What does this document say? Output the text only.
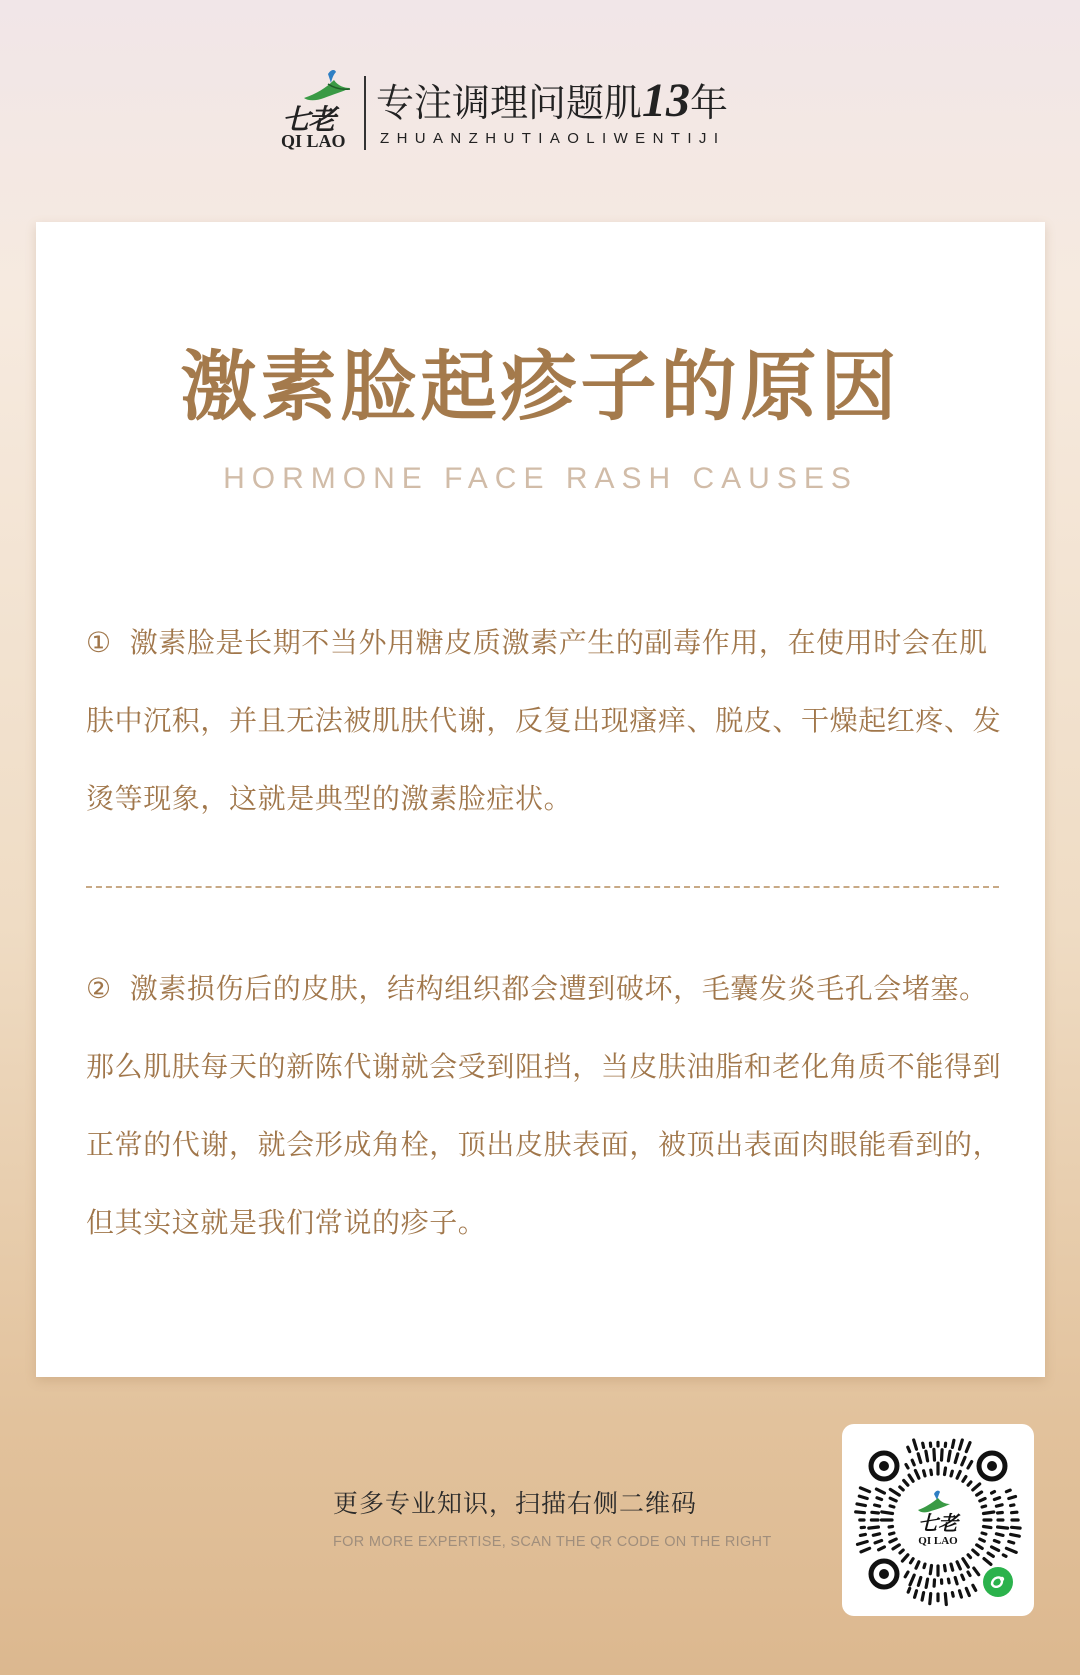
七老
QI LAO
专注调理问题肌13年
ZHUANZHUTIAOLIWENTIJI
激素脸起疹子的原因
HORMONE FACE RASH CAUSES

① 激素脸是长期不当外用糖皮质激素产生的副毒作用，在使用时会在肌肤中沉积，并且无法被肌肤代谢，反复出现瘙痒、脱皮、干燥起红疼、发烫等现象，这就是典型的激素脸症状。

② 激素损伤后的皮肤，结构组织都会遭到破坏，毛囊发炎毛孔会堵塞。那么肌肤每天的新陈代谢就会受到阻挡，当皮肤油脂和老化角质不能得到正常的代谢，就会形成角栓，顶出皮肤表面，被顶出表面肉眼能看到的，但其实这就是我们常说的疹子。

更多专业知识，扫描右侧二维码
FOR MORE EXPERTISE, SCAN THE QR CODE ON THE RIGHT
七老
QI LAO
